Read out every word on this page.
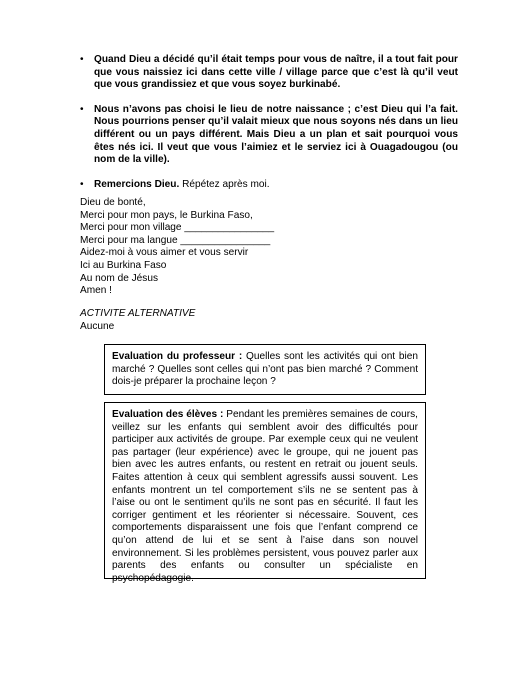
• Quand Dieu a décidé qu’il était temps pour vous de naître, il a tout fait pour que vous naissiez ici dans cette ville / village parce que c’est là qu’il veut que vous grandissiez et que vous soyez burkinabé.
• Nous n’avons pas choisi le lieu de notre naissance ; c’est Dieu qui l’a fait. Nous pourrions penser qu’il valait mieux que nous soyons nés dans un lieu différent ou un pays différent. Mais Dieu a un plan et sait pourquoi vous êtes nés ici. Il veut que vous l’aimiez et le serviez ici à Ouagadougou (ou nom de la ville).
• Remercions Dieu. Répétez après moi.
Dieu de bonté,
Merci pour mon pays, le Burkina Faso,
Merci pour mon village ________________
Merci pour ma langue ________________
Aidez-moi à vous aimer et vous servir
Ici au Burkina Faso
Au nom de Jésus
Amen !
ACTIVITE ALTERNATIVE
Aucune

Evaluation du professeur : Quelles sont les activités qui ont bien marché ? Quelles sont celles qui n’ont pas bien marché ? Comment dois-je préparer la prochaine leçon ?

Evaluation des élèves : Pendant les premières semaines de cours, veillez sur les enfants qui semblent avoir des difficultés pour participer aux activités de groupe. Par exemple ceux qui ne veulent pas partager (leur expérience) avec le groupe, qui ne jouent pas bien avec les autres enfants, ou restent en retrait ou jouent seuls. Faites attention à ceux qui semblent agressifs aussi souvent. Les enfants montrent un tel comportement s’ils ne se sentent pas à l’aise ou ont le sentiment qu’ils ne sont pas en sécurité. Il faut les corriger gentiment et les réorienter si nécessaire. Souvent, ces comportements disparaissent une fois que l’enfant comprend ce qu’on attend de lui et se sent à l’aise dans son nouvel environnement. Si les problèmes persistent, vous pouvez parler aux parents des enfants ou consulter un spécialiste en psychopédagogie.
